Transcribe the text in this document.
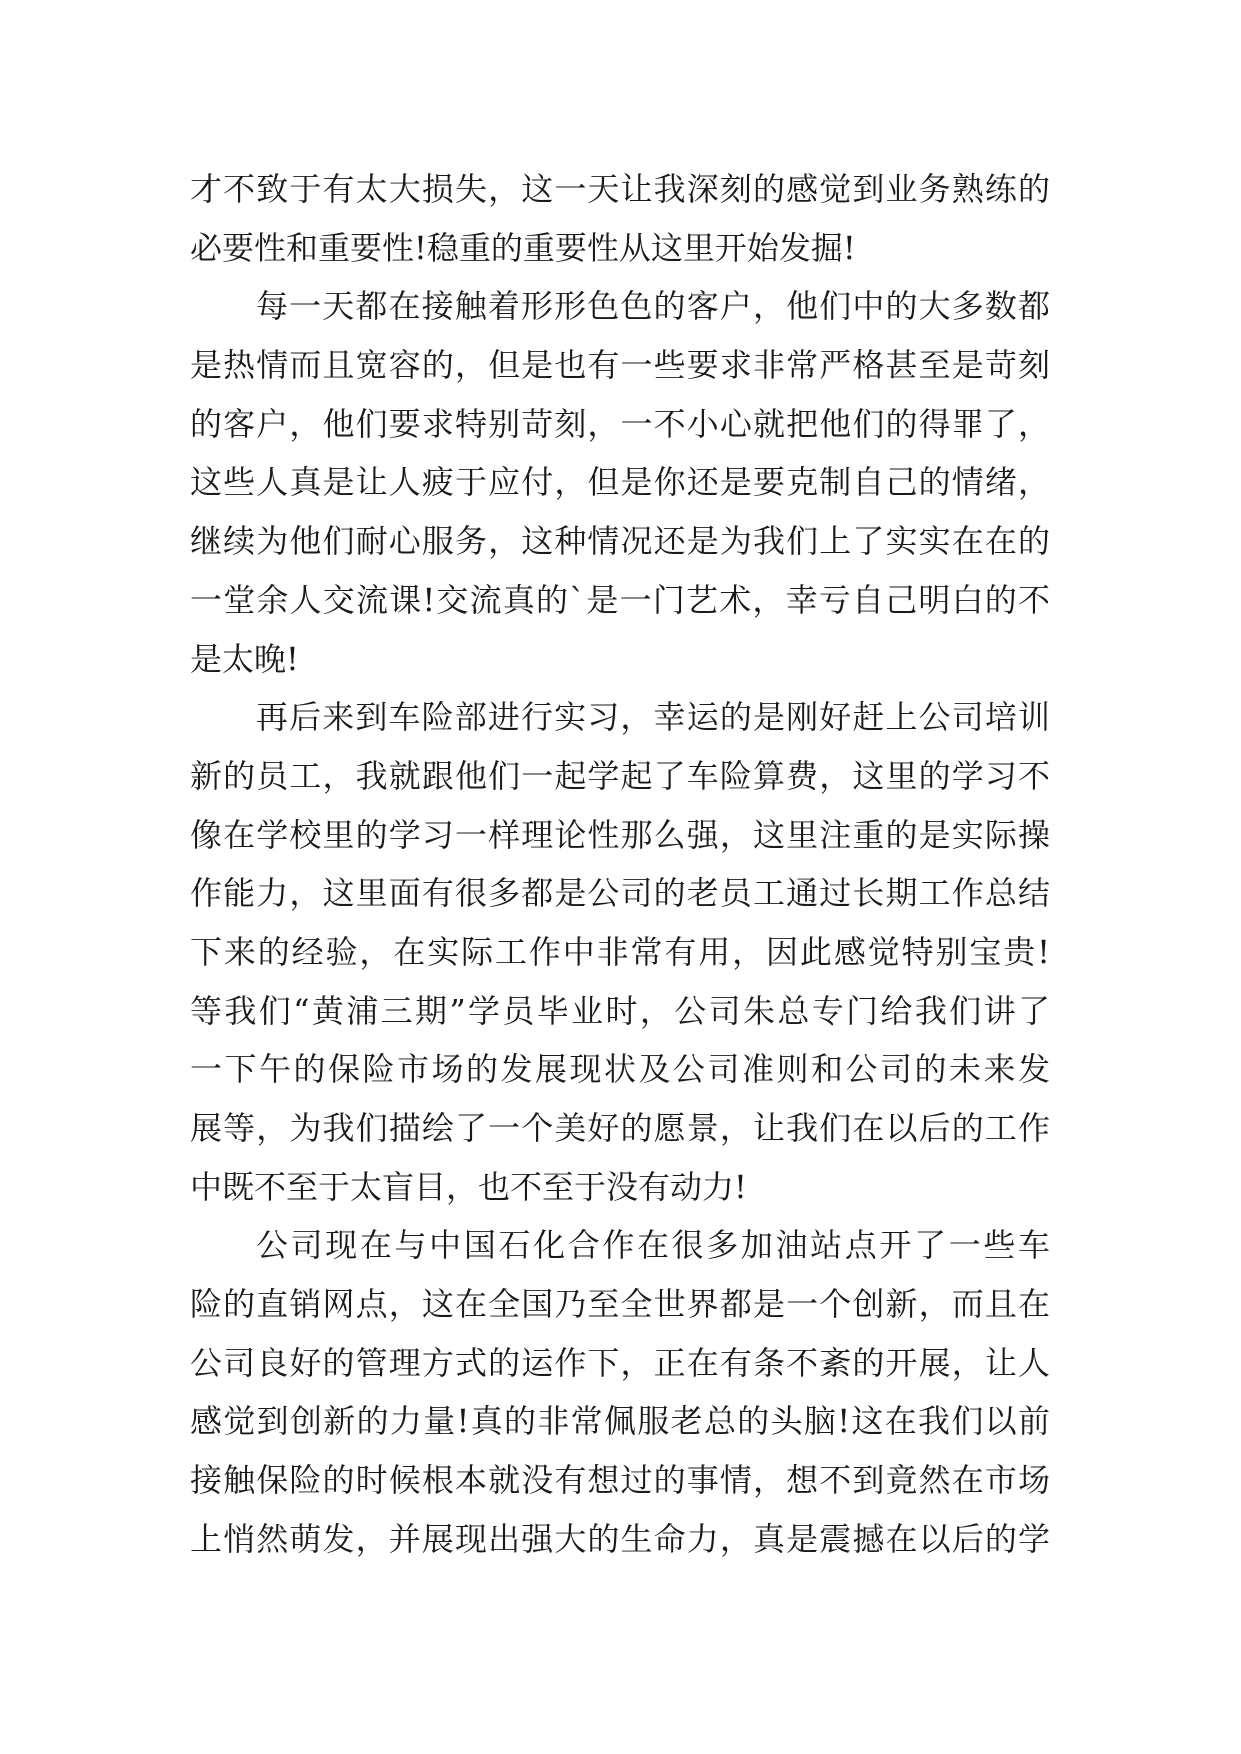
才不致于有太大损失，这一天让我深刻的感觉到业务熟练的
必要性和重要性!稳重的重要性从这里开始发掘!
每一天都在接触着形形色色的客户，他们中的大多数都
是热情而且宽容的，但是也有一些要求非常严格甚至是苛刻
的客户，他们要求特别苛刻，一不小心就把他们的得罪了，
这些人真是让人疲于应付，但是你还是要克制自己的情绪，
继续为他们耐心服务，这种情况还是为我们上了实实在在的
一堂余人交流课!交流真的`是一门艺术，幸亏自己明白的不
是太晚!
再后来到车险部进行实习，幸运的是刚好赶上公司培训
新的员工，我就跟他们一起学起了车险算费，这里的学习不
像在学校里的学习一样理论性那么强，这里注重的是实际操
作能力，这里面有很多都是公司的老员工通过长期工作总结
下来的经验，在实际工作中非常有用，因此感觉特别宝贵!
等我们“黄浦三期”学员毕业时，公司朱总专门给我们讲了
一下午的保险市场的发展现状及公司准则和公司的未来发
展等，为我们描绘了一个美好的愿景，让我们在以后的工作
中既不至于太盲目，也不至于没有动力!
公司现在与中国石化合作在很多加油站点开了一些车
险的直销网点，这在全国乃至全世界都是一个创新，而且在
公司良好的管理方式的运作下，正在有条不紊的开展，让人
感觉到创新的力量!真的非常佩服老总的头脑!这在我们以前
接触保险的时候根本就没有想过的事情，想不到竟然在市场
上悄然萌发，并展现出强大的生命力，真是震撼在以后的学
